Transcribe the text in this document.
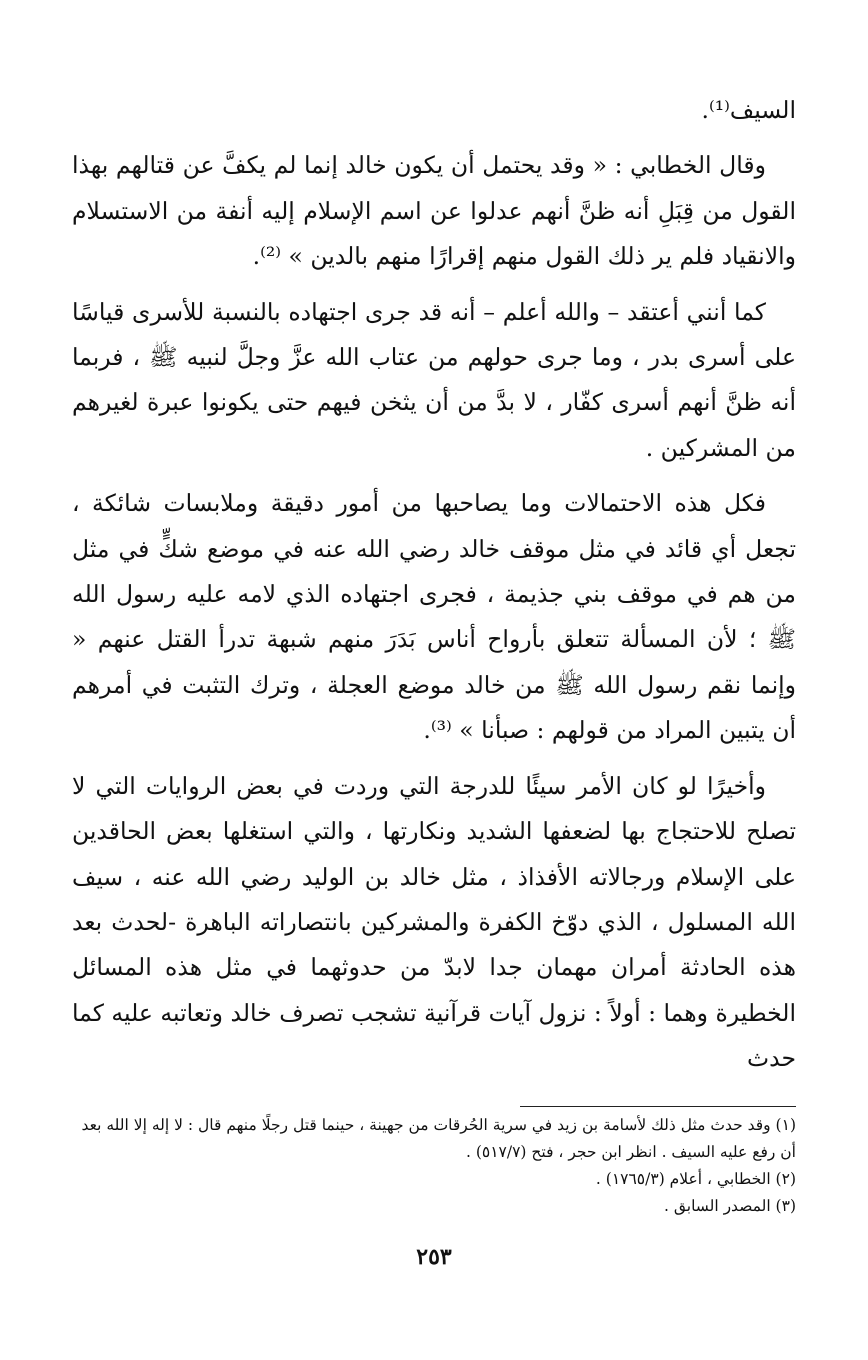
السيف⁽¹⁾.

وقال الخطابي : « وقد يحتمل أن يكون خالد إنما لم يكفَّ عن قتالهم بهذا القول من قِبَلِ أنه ظنَّ أنهم عدلوا عن اسم الإسلام إليه أنفة من الاستسلام والانقياد فلم ير ذلك القول منهم إقرارًا منهم بالدين » ⁽²⁾.

كما أنني أعتقد – والله أعلم – أنه قد جرى اجتهاده بالنسبة للأسرى قياسًا على أسرى بدر ، وما جرى حولهم من عتاب الله عزَّ وجلَّ لنبيه ﷺ ، فربما أنه ظنَّ أنهم أسرى كفّار ، لا بدَّ من أن يثخن فيهم حتى يكونوا عبرة لغيرهم من المشركين .

فكل هذه الاحتمالات وما يصاحبها من أمور دقيقة وملابسات شائكة ، تجعل أي قائد في مثل موقف خالد رضي الله عنه في موضع شكٍّ في مثل من هم في موقف بني جذيمة ، فجرى اجتهاده الذي لامه عليه رسول الله ﷺ ؛ لأن المسألة تتعلق بأرواح أناس بَدَرَ منهم شبهة تدرأ القتل عنهم « وإنما نقم رسول الله ﷺ من خالد موضع العجلة ، وترك التثبت في أمرهم أن يتبين المراد من قولهم : صبأنا » ⁽³⁾.

وأخيرًا لو كان الأمر سيئًا للدرجة التي وردت في بعض الروايات التي لا تصلح للاحتجاج بها لضعفها الشديد ونكارتها ، والتي استغلها بعض الحاقدين على الإسلام ورجالاته الأفذاذ ، مثل خالد بن الوليد رضي الله عنه ، سيف الله المسلول ، الذي دوّخ الكفرة والمشركين بانتصاراته الباهرة -لحدث بعد هذه الحادثة أمران مهمان جدا لابدّ من حدوثهما في مثل هذه المسائل الخطيرة وهما : أولاً : نزول آيات قرآنية تشجب تصرف خالد وتعاتبه عليه كما حدث

(١) وقد حدث مثل ذلك لأسامة بن زيد في سرية الحُرقات من جهينة ، حينما قتل رجلًا منهم قال : لا إله إلا الله بعد أن رفع عليه السيف . انظر ابن حجر ، فتح (٥١٧/٧) .
(٢) الخطابي ، أعلام (١٧٦٥/٣) .
(٣) المصدر السابق .
٢٥٣
